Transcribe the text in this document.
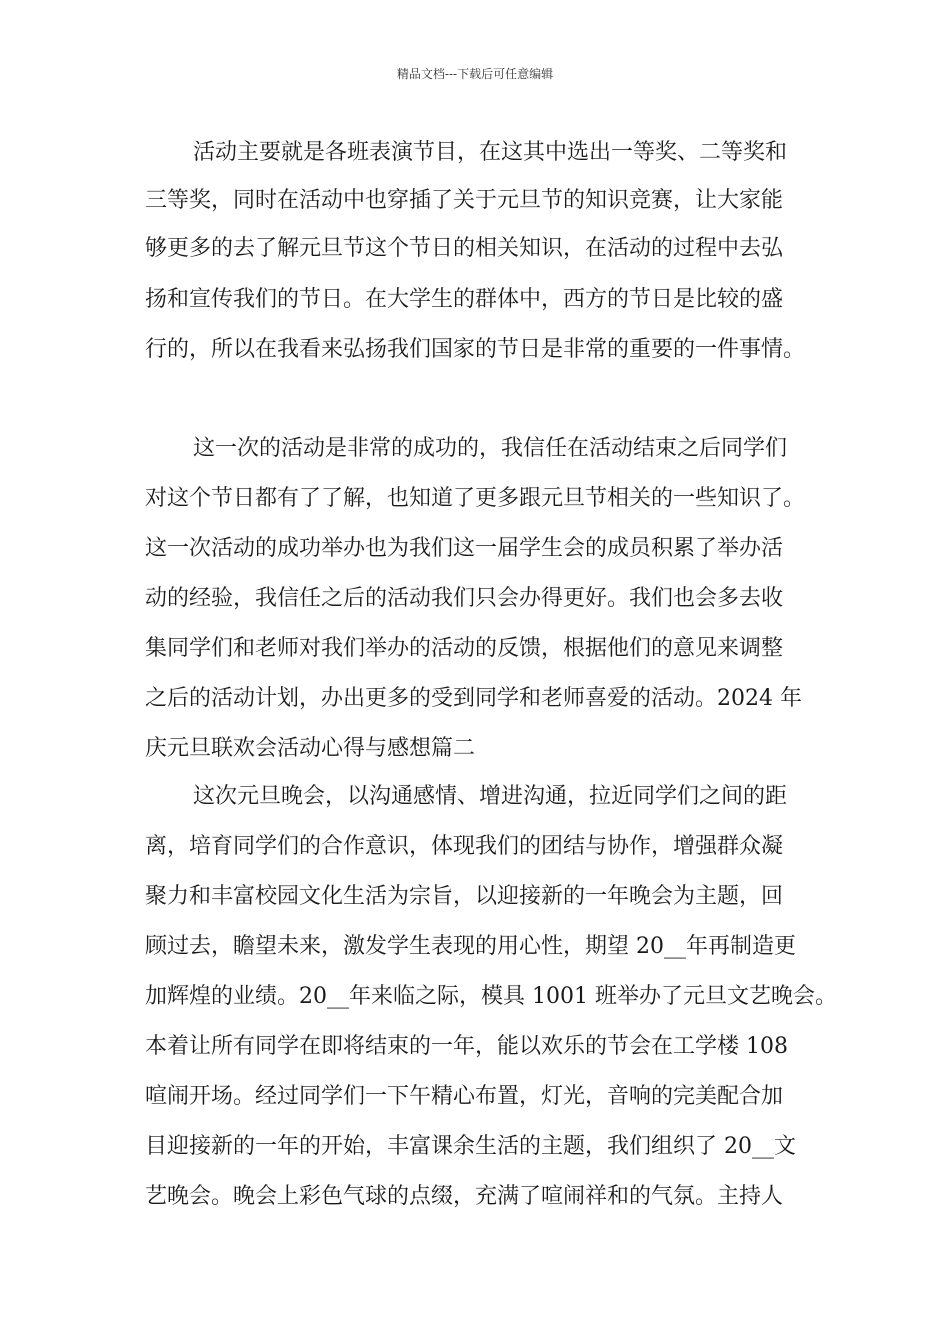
精品文档---下载后可任意编辑
活动主要就是各班表演节目，在这其中选出一等奖、二等奖和
三等奖，同时在活动中也穿插了关于元旦节的知识竞赛，让大家能
够更多的去了解元旦节这个节日的相关知识，在活动的过程中去弘
扬和宣传我们的节日。在大学生的群体中，西方的节日是比较的盛
行的，所以在我看来弘扬我们国家的节日是非常的重要的一件事情。
这一次的活动是非常的成功的，我信任在活动结束之后同学们
对这个节日都有了了解，也知道了更多跟元旦节相关的一些知识了。
这一次活动的成功举办也为我们这一届学生会的成员积累了举办活
动的经验，我信任之后的活动我们只会办得更好。我们也会多去收
集同学们和老师对我们举办的活动的反馈，根据他们的意见来调整
之后的活动计划，办出更多的受到同学和老师喜爱的活动。2024 年
庆元旦联欢会活动心得与感想篇二
这次元旦晚会，以沟通感情、增进沟通，拉近同学们之间的距
离，培育同学们的合作意识，体现我们的团结与协作，增强群众凝
聚力和丰富校园文化生活为宗旨，以迎接新的一年晚会为主题，回
顾过去，瞻望未来，激发学生表现的用心性，期望 20__年再制造更
加辉煌的业绩。20__年来临之际，模具 1001 班举办了元旦文艺晚会。
本着让所有同学在即将结束的一年，能以欢乐的节会在工学楼 108
喧闹开场。经过同学们一下午精心布置，灯光，音响的完美配合加
目迎接新的一年的开始，丰富课余生活的主题，我们组织了 20__文
艺晚会。晚会上彩色气球的点缀，充满了喧闹祥和的气氛。主持人
